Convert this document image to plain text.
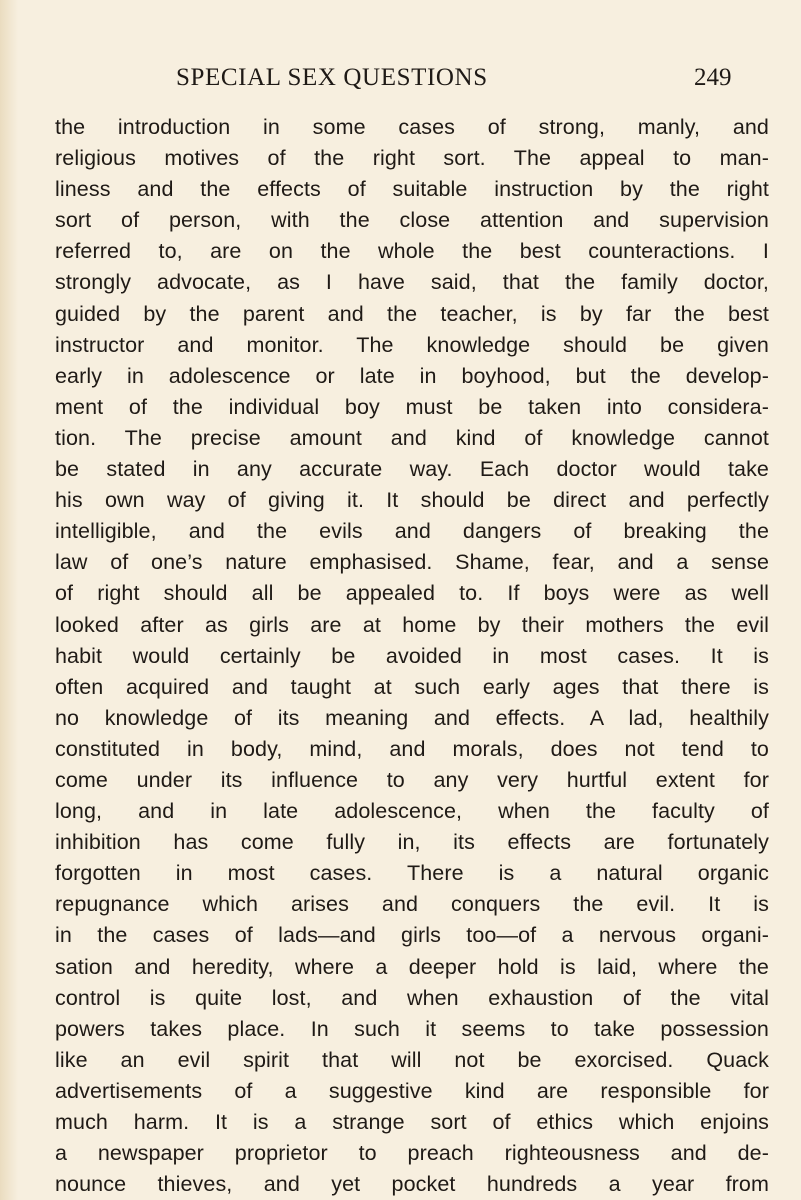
SPECIAL SEX QUESTIONS	249
the introduction in some cases of strong, manly, and
religious motives of the right sort. The appeal to man-
liness and the effects of suitable instruction by the right
sort of person, with the close attention and supervision
referred to, are on the whole the best counteractions. I
strongly advocate, as I have said, that the family doctor,
guided by the parent and the teacher, is by far the best
instructor and monitor. The knowledge should be given
early in adolescence or late in boyhood, but the develop-
ment of the individual boy must be taken into considera-
tion. The precise amount and kind of knowledge cannot
be stated in any accurate way. Each doctor would take
his own way of giving it. It should be direct and perfectly
intelligible, and the evils and dangers of breaking the
law of one’s nature emphasised. Shame, fear, and a sense
of right should all be appealed to. If boys were as well
looked after as girls are at home by their mothers the evil
habit would certainly be avoided in most cases. It is
often acquired and taught at such early ages that there is
no knowledge of its meaning and effects. A lad, healthily
constituted in body, mind, and morals, does not tend to
come under its influence to any very hurtful extent for
long, and in late adolescence, when the faculty of
inhibition has come fully in, its effects are fortunately
forgotten in most cases. There is a natural organic
repugnance which arises and conquers the evil. It is
in the cases of lads—and girls too—of a nervous organi-
sation and heredity, where a deeper hold is laid, where the
control is quite lost, and when exhaustion of the vital
powers takes place. In such it seems to take possession
like an evil spirit that will not be exorcised. Quack
advertisements of a suggestive kind are responsible for
much harm. It is a strange sort of ethics which enjoins
a newspaper proprietor to preach righteousness and de-
nounce thieves, and yet pocket hundreds a year from
